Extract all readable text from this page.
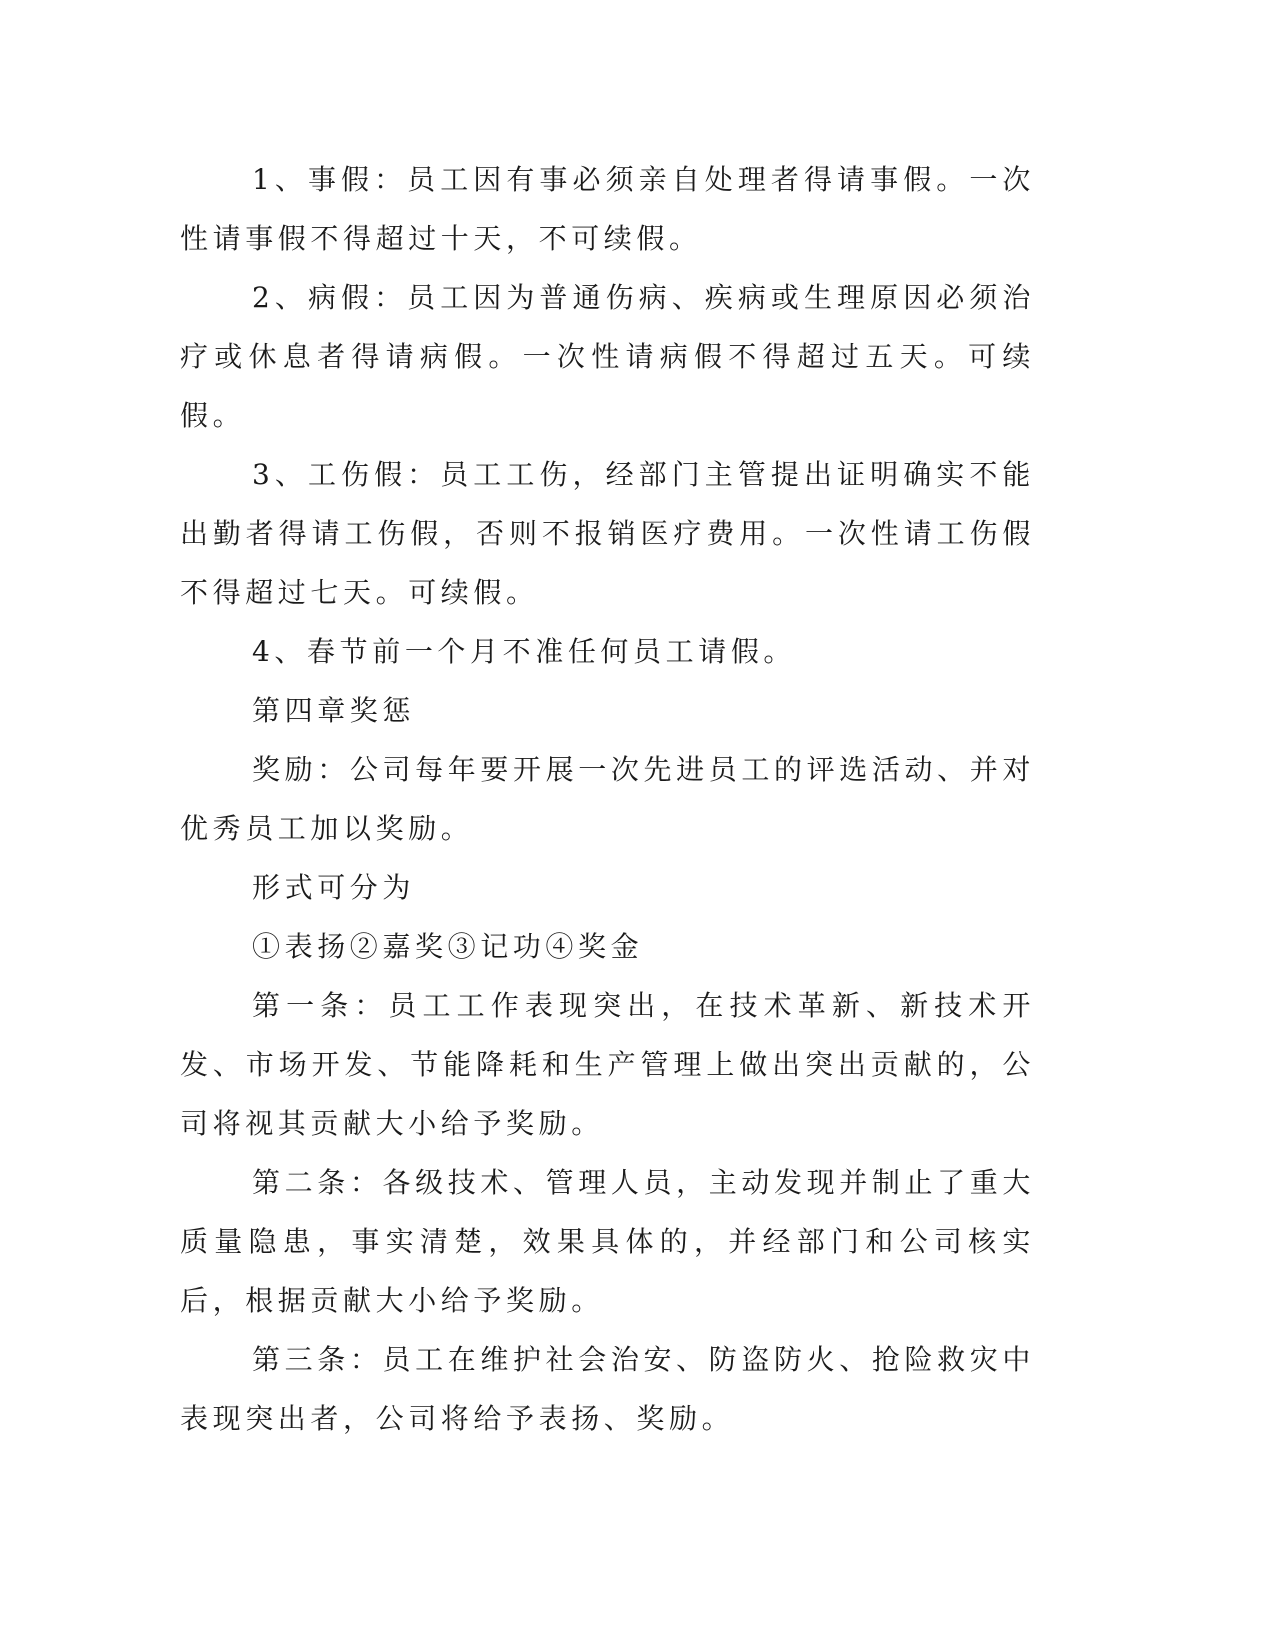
1、事假：员工因有事必须亲自处理者得请事假。一次性请事假不得超过十天，不可续假。

2、病假：员工因为普通伤病、疾病或生理原因必须治疗或休息者得请病假。一次性请病假不得超过五天。可续假。

3、工伤假：员工工伤，经部门主管提出证明确实不能出勤者得请工伤假，否则不报销医疗费用。一次性请工伤假不得超过七天。可续假。

4、春节前一个月不准任何员工请假。

第四章奖惩

奖励：公司每年要开展一次先进员工的评选活动、并对优秀员工加以奖励。

形式可分为

①表扬②嘉奖③记功④奖金

第一条：员工工作表现突出，在技术革新、新技术开发、市场开发、节能降耗和生产管理上做出突出贡献的，公司将视其贡献大小给予奖励。

第二条：各级技术、管理人员，主动发现并制止了重大质量隐患，事实清楚，效果具体的，并经部门和公司核实后，根据贡献大小给予奖励。

第三条：员工在维护社会治安、防盗防火、抢险救灾中表现突出者，公司将给予表扬、奖励。
